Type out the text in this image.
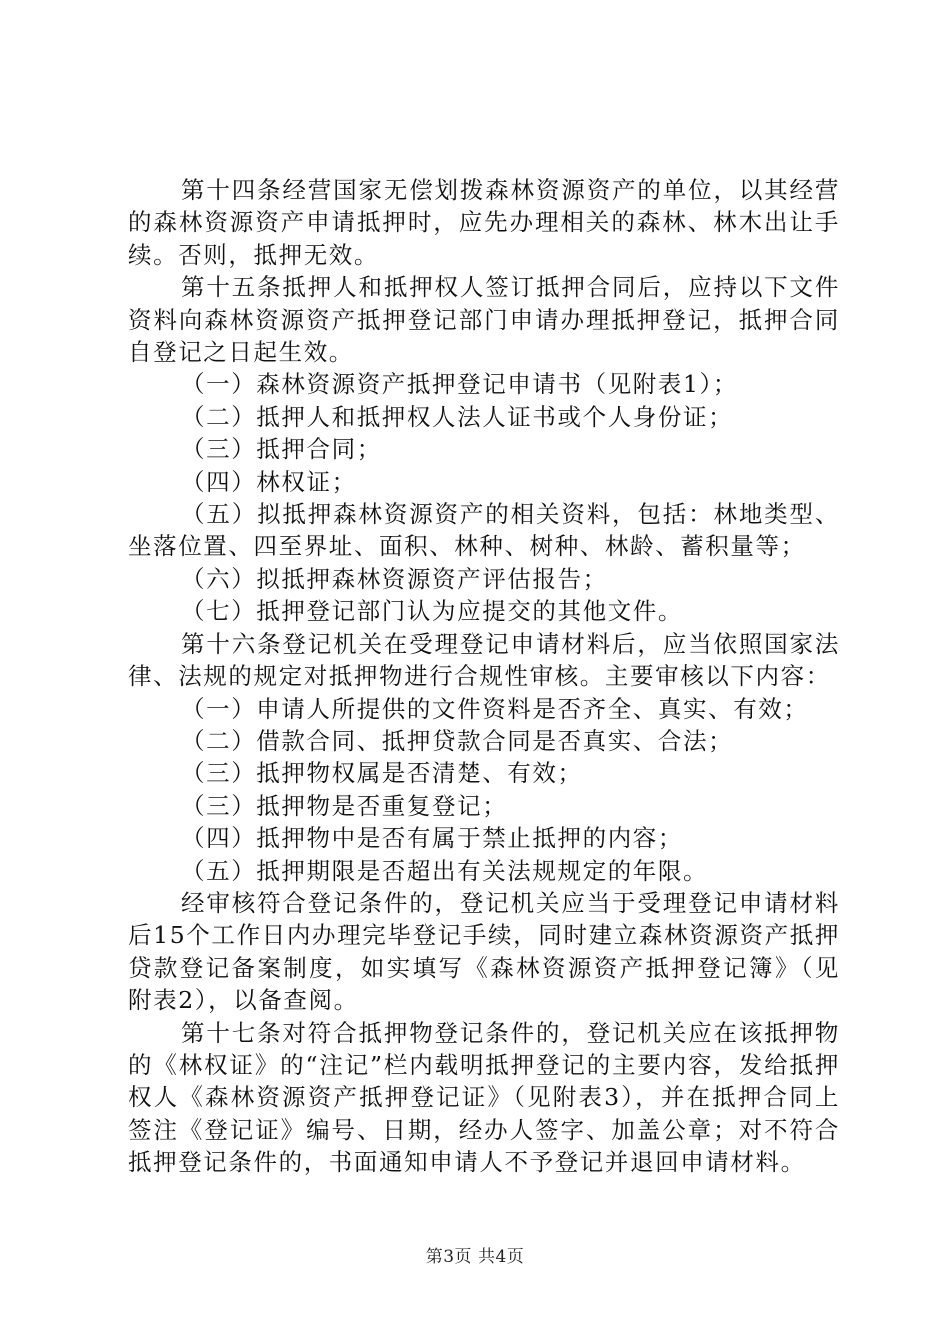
第十四条经营国家无偿划拨森林资源资产的单位，以其经营的森林资源资产申请抵押时，应先办理相关的森林、林木出让手续。否则，抵押无效。

第十五条抵押人和抵押权人签订抵押合同后，应持以下文件资料向森林资源资产抵押登记部门申请办理抵押登记，抵押合同自登记之日起生效。

（一）森林资源资产抵押登记申请书（见附表1）；

（二）抵押人和抵押权人法人证书或个人身份证；

（三）抵押合同；

（四）林权证；

（五）拟抵押森林资源资产的相关资料，包括：林地类型、坐落位置、四至界址、面积、林种、树种、林龄、蓄积量等；

（六）拟抵押森林资源资产评估报告；

（七）抵押登记部门认为应提交的其他文件。

第十六条登记机关在受理登记申请材料后，应当依照国家法律、法规的规定对抵押物进行合规性审核。主要审核以下内容：

（一）申请人所提供的文件资料是否齐全、真实、有效；

（二）借款合同、抵押贷款合同是否真实、合法；

（三）抵押物权属是否清楚、有效；

（三）抵押物是否重复登记；

（四）抵押物中是否有属于禁止抵押的内容；

（五）抵押期限是否超出有关法规规定的年限。

经审核符合登记条件的，登记机关应当于受理登记申请材料后15个工作日内办理完毕登记手续，同时建立森林资源资产抵押贷款登记备案制度，如实填写《森林资源资产抵押登记簿》（见附表2），以备查阅。

第十七条对符合抵押物登记条件的，登记机关应在该抵押物的《林权证》的“注记”栏内载明抵押登记的主要内容，发给抵押权人《森林资源资产抵押登记证》（见附表3），并在抵押合同上签注《登记证》编号、日期，经办人签字、加盖公章；对不符合抵押登记条件的，书面通知申请人不予登记并退回申请材料。

第3页 共4页
